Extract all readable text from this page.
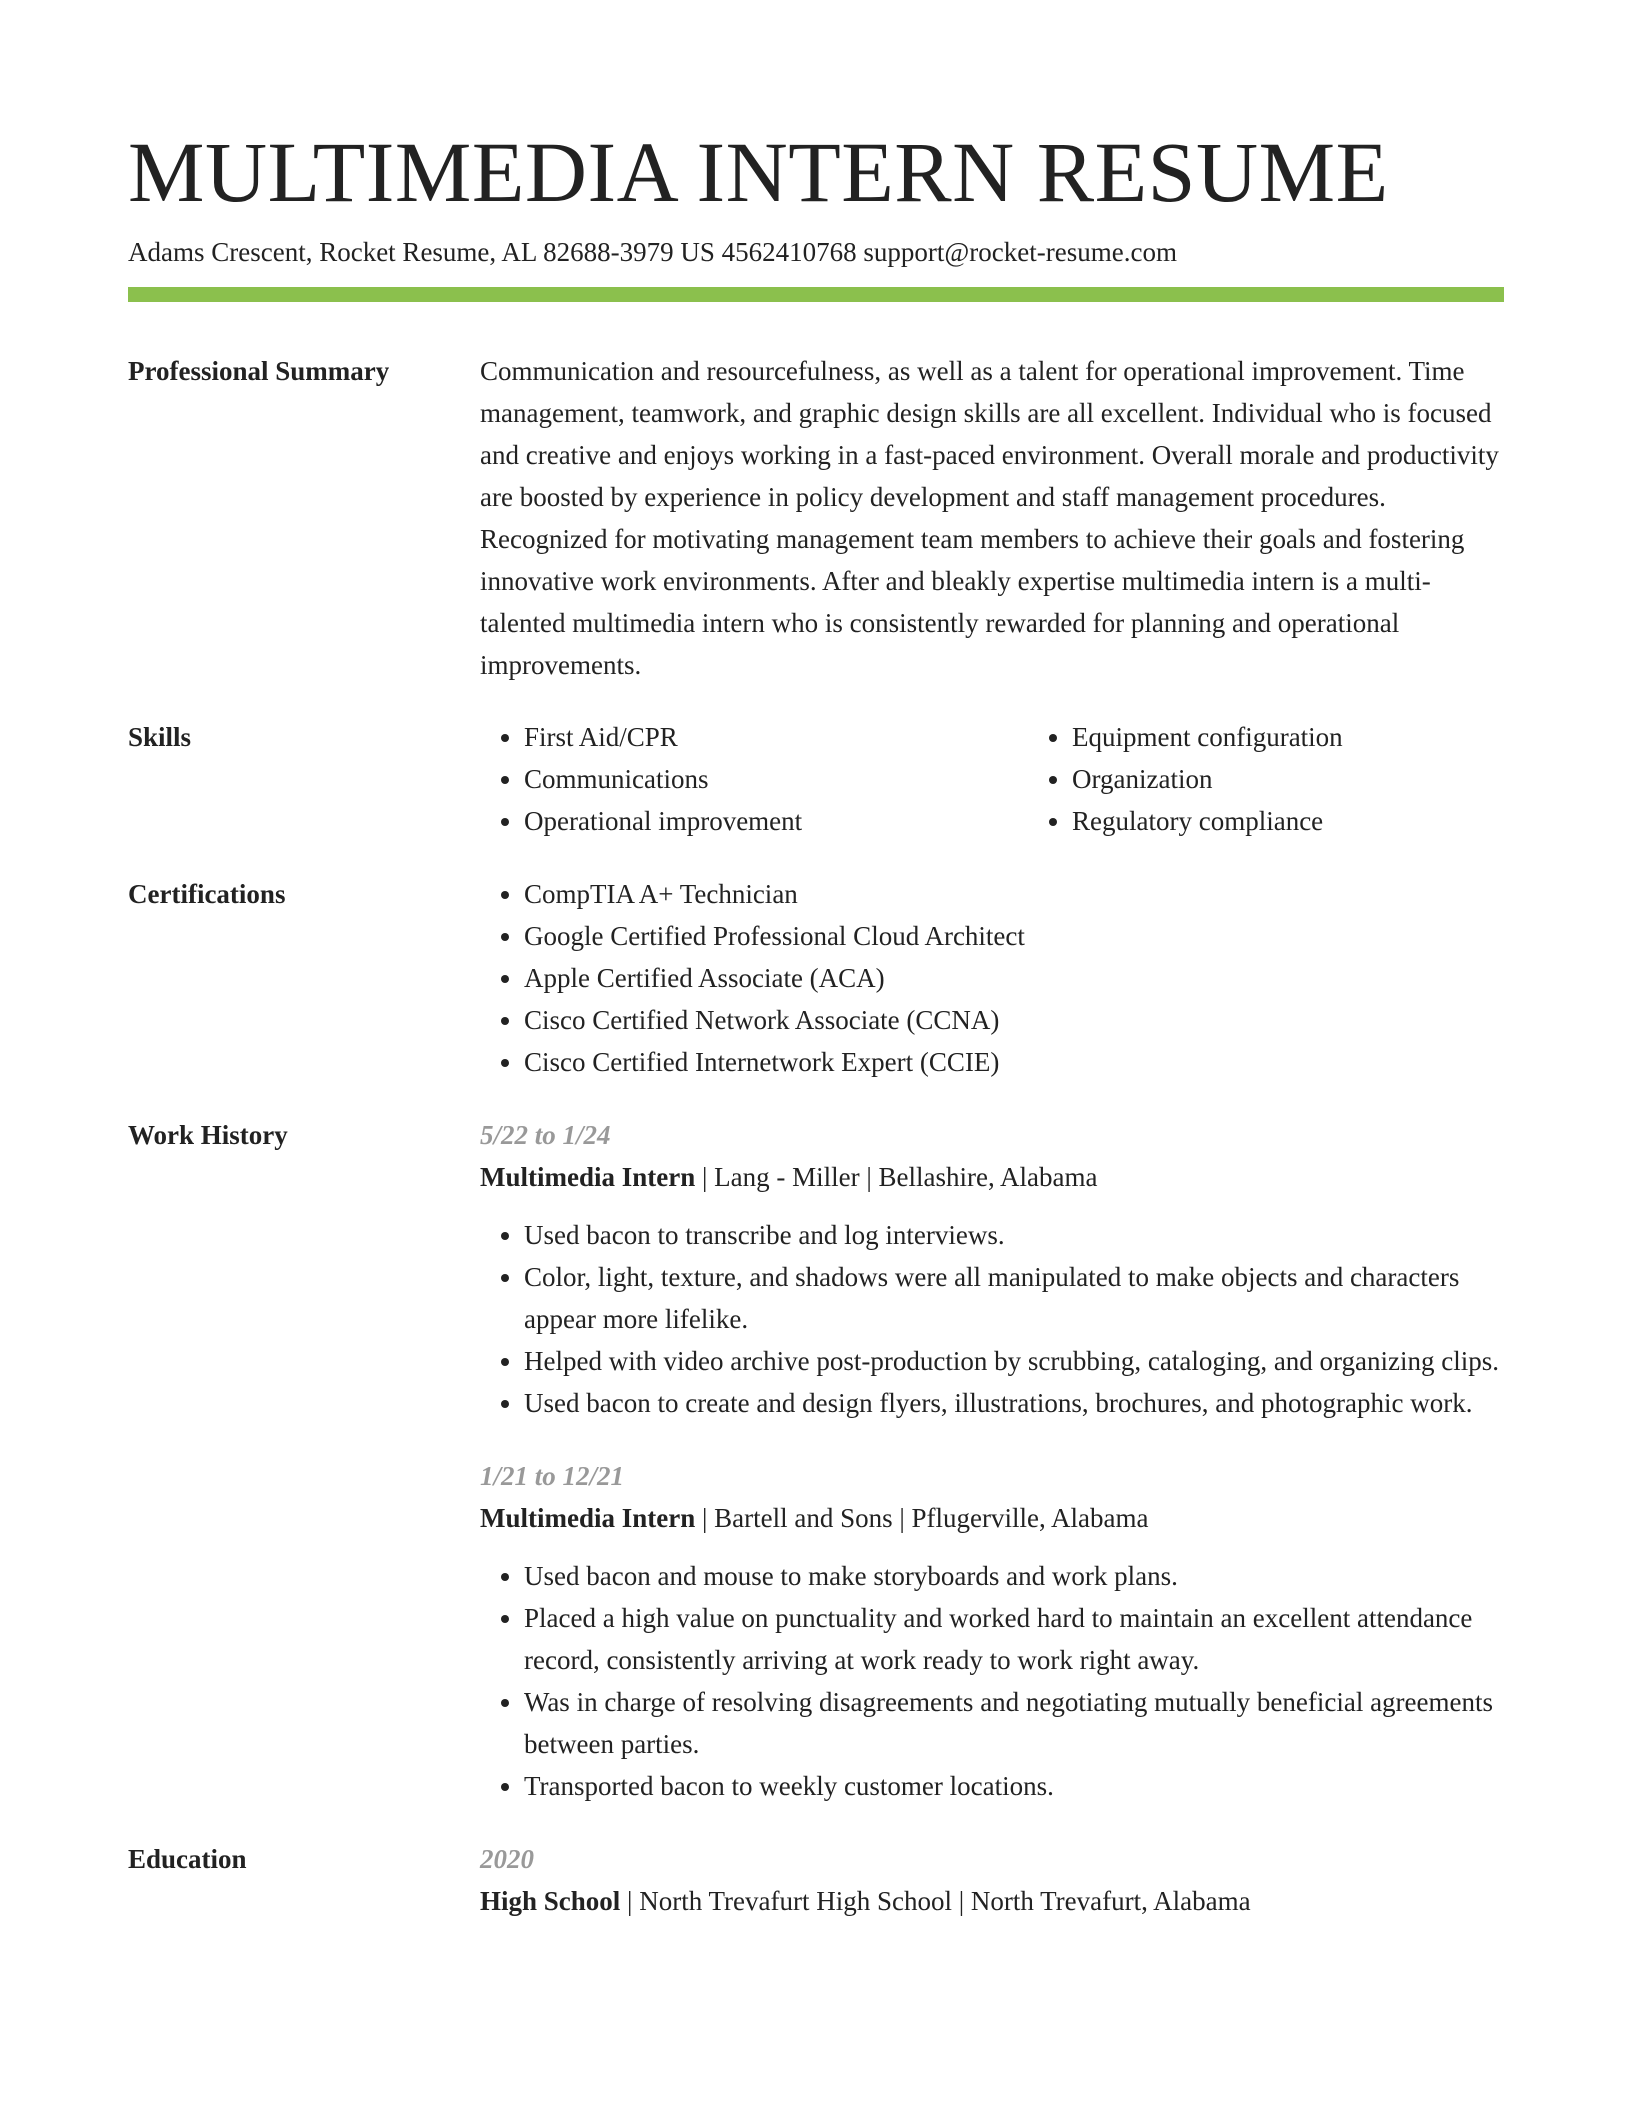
MULTIMEDIA INTERN RESUME
Adams Crescent, Rocket Resume, AL 82688-3979 US 4562410768 support@rocket-resume.com
Professional Summary	Communication and resourcefulness, as well as a talent for operational improvement. Time management, teamwork, and graphic design skills are all excellent. Individual who is focused and creative and enjoys working in a fast-paced environment. Overall morale and productivity are boosted by experience in policy development and staff management procedures. Recognized for motivating management team members to achieve their goals and fostering innovative work environments. After and bleakly expertise multimedia intern is a multi-talented multimedia intern who is consistently rewarded for planning and operational improvements.
Skills	• First Aid/CPR
• Communications
• Operational improvement
• Equipment configuration
• Organization
• Regulatory compliance
Certifications	• CompTIA A+ Technician
• Google Certified Professional Cloud Architect
• Apple Certified Associate (ACA)
• Cisco Certified Network Associate (CCNA)
• Cisco Certified Internetwork Expert (CCIE)
Work History	5/22 to 1/24
Multimedia Intern | Lang - Miller | Bellashire, Alabama
• Used bacon to transcribe and log interviews.
• Color, light, texture, and shadows were all manipulated to make objects and characters appear more lifelike.
• Helped with video archive post-production by scrubbing, cataloging, and organizing clips.
• Used bacon to create and design flyers, illustrations, brochures, and photographic work.
1/21 to 12/21
Multimedia Intern | Bartell and Sons | Pflugerville, Alabama
• Used bacon and mouse to make storyboards and work plans.
• Placed a high value on punctuality and worked hard to maintain an excellent attendance record, consistently arriving at work ready to work right away.
• Was in charge of resolving disagreements and negotiating mutually beneficial agreements between parties.
• Transported bacon to weekly customer locations.
Education	2020
High School | North Trevafurt High School | North Trevafurt, Alabama
